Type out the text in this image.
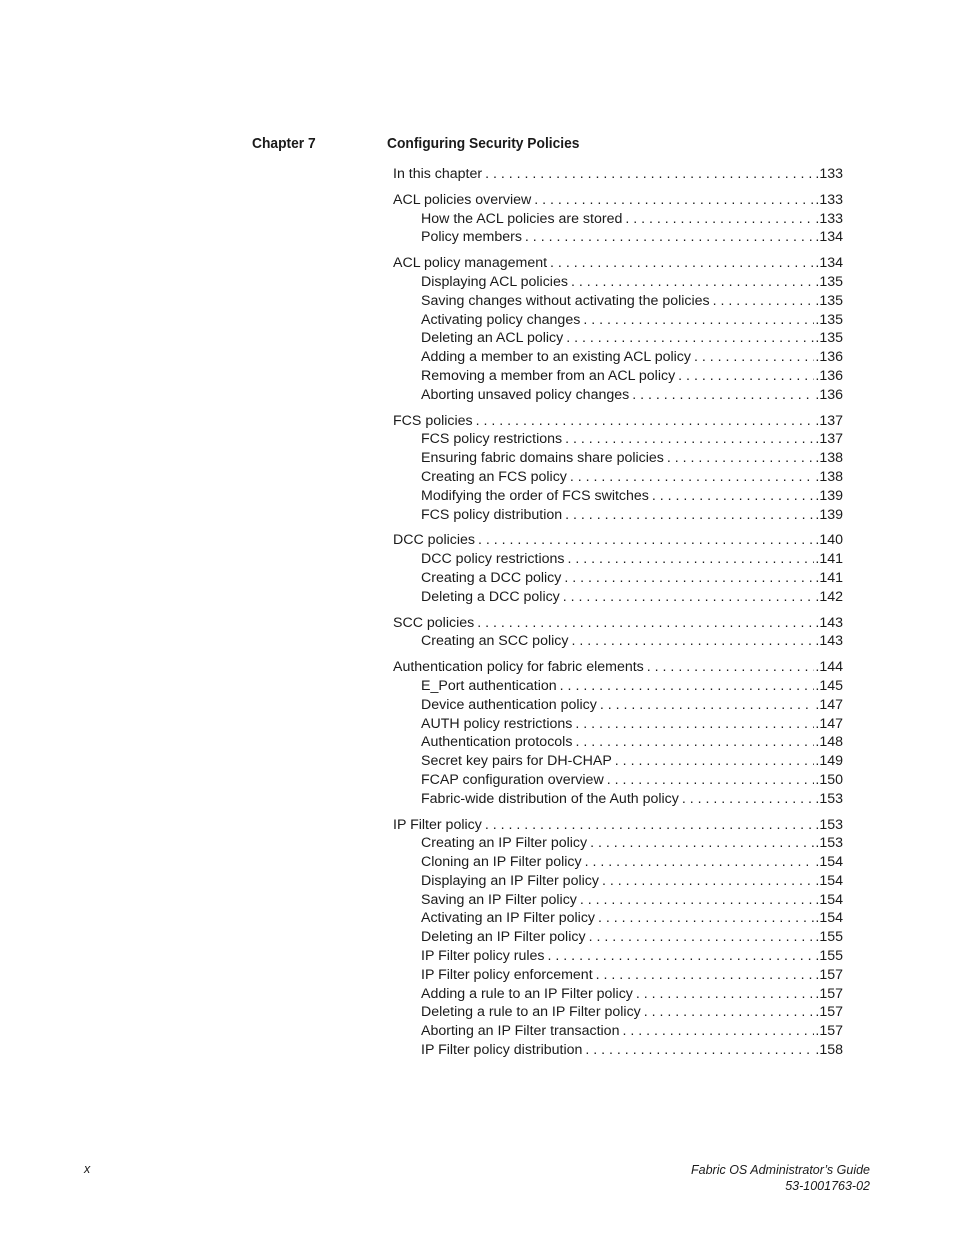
Chapter 7	Configuring Security Policies
In this chapter . . .	.133
ACL policies overview . . .	.133
How the ACL policies are stored . . .	.133
Policy members . . .	.134
ACL policy management . . .	.134
Displaying ACL policies . . .	.135
Saving changes without activating the policies . . .	.135
Activating policy changes . . .	.135
Deleting an ACL policy . . .	.135
Adding a member to an existing ACL policy . . .	.136
Removing a member from an ACL policy . . .	.136
Aborting unsaved policy changes . . .	.136
FCS policies . . .	.137
FCS policy restrictions . . .	.137
Ensuring fabric domains share policies . . .	.138
Creating an FCS policy . . .	.138
Modifying the order of FCS switches . . .	.139
FCS policy distribution . . .	.139
DCC policies . . .	.140
DCC policy restrictions . . .	.141
Creating a DCC policy . . .	.141
Deleting a DCC policy . . .	.142
SCC policies . . .	.143
Creating an SCC policy . . .	.143
Authentication policy for fabric elements . . .	.144
E_Port authentication . . .	.145
Device authentication policy . . .	.147
AUTH policy restrictions . . .	.147
Authentication protocols . . .	.148
Secret key pairs for DH-CHAP . . .	.149
FCAP configuration overview . . .	.150
Fabric-wide distribution of the Auth policy . . .	.153
IP Filter policy . . .	.153
Creating an IP Filter policy . . .	.153
Cloning an IP Filter policy . . .	.154
Displaying an IP Filter policy . . .	.154
Saving an IP Filter policy . . .	.154
Activating an IP Filter policy . . .	.154
Deleting an IP Filter policy . . .	.155
IP Filter policy rules . . .	.155
IP Filter policy enforcement . . .	.157
Adding a rule to an IP Filter policy . . .	.157
Deleting a rule to an IP Filter policy . . .	.157
Aborting an IP Filter transaction . . .	.157
IP Filter policy distribution . . .	.158
x	Fabric OS Administrator’s Guide
53-1001763-02
